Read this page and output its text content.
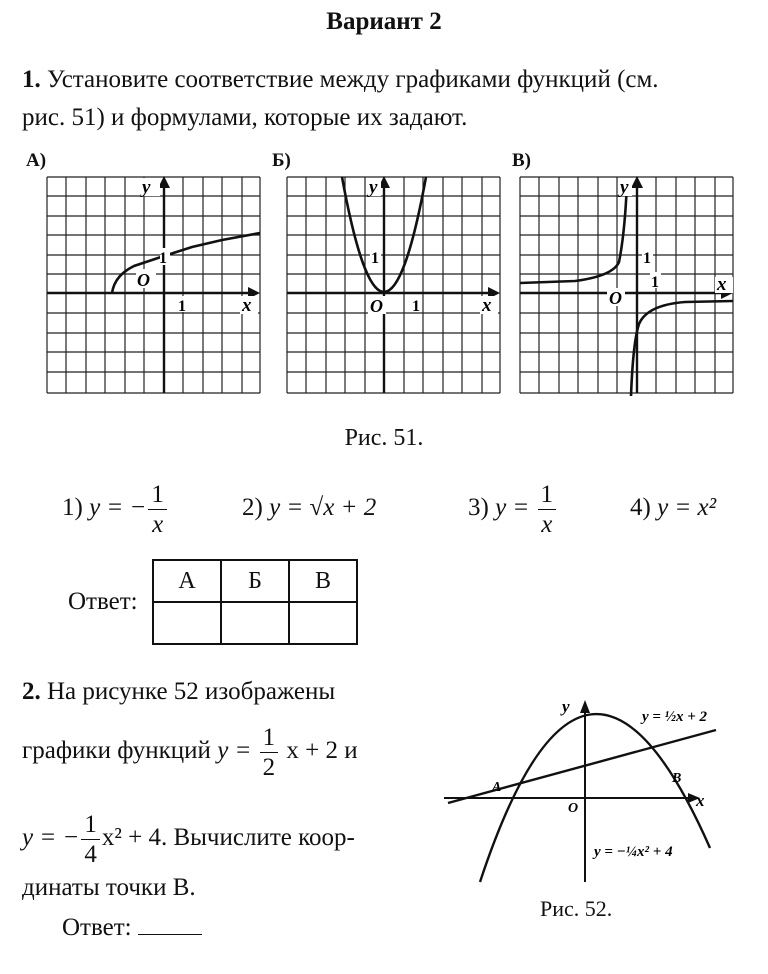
Вариант 2
1. Установите соответствие между графиками функций (см.
рис. 51) и формулами, которые их задают.
А)	Б)	В)
O
1
1	x
y
O
1
1	x
y
O
1
1	x
y
Рис. 51.
1) y = − $\frac{1}{x}$	2) y = √x + 2	3) $y = \frac{1}{x}$	4) y = x²
Ответ:
А	Б	В

2. На рисунке 52 изображены
графики функций $y = \frac{1}{2}$ x + 2 и
y = − $\frac{1}{4} x^2 + 4$. Вычислите коор-
динаты точки B.
Ответ:
y
x
O
A
B
y = ½x + 2
y = −¼x² + 4
Рис. 52.
